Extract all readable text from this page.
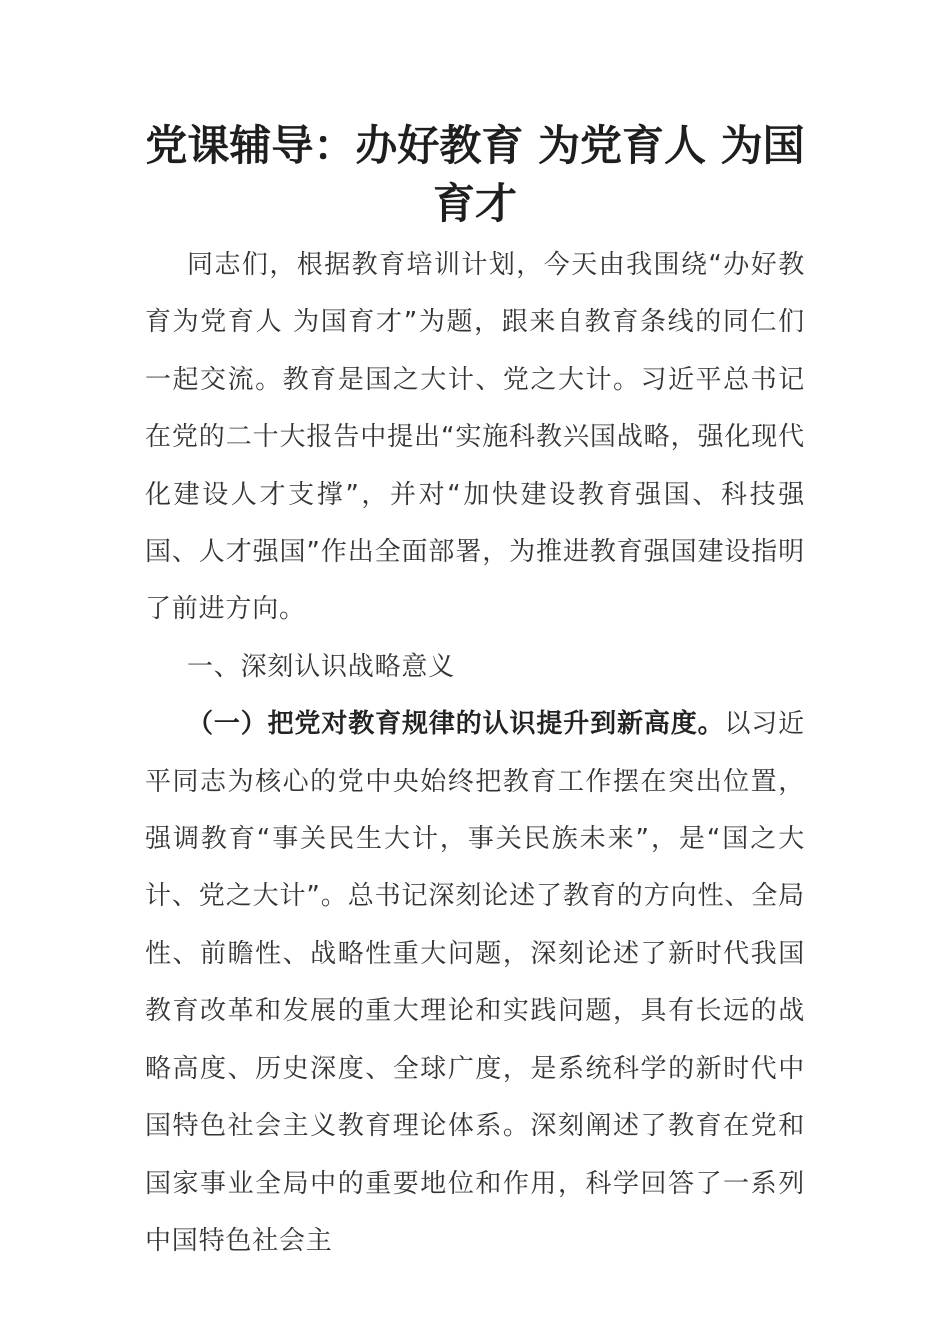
党课辅导：办好教育 为党育人 为国育才

同志们，根据教育培训计划，今天由我围绕“办好教育为党育人 为国育才”为题，跟来自教育条线的同仁们一起交流。教育是国之大计、党之大计。习近平总书记在党的二十大报告中提出“实施科教兴国战略，强化现代化建设人才支撑”，并对“加快建设教育强国、科技强国、人才强国”作出全面部署，为推进教育强国建设指明了前进方向。

一、深刻认识战略意义

（一）把党对教育规律的认识提升到新高度。以习近平同志为核心的党中央始终把教育工作摆在突出位置，强调教育“事关民生大计，事关民族未来”，是“国之大计、党之大计”。总书记深刻论述了教育的方向性、全局性、前瞻性、战略性重大问题，深刻论述了新时代我国教育改革和发展的重大理论和实践问题，具有长远的战略高度、历史深度、全球广度，是系统科学的新时代中国特色社会主义教育理论体系。深刻阐述了教育在党和国家事业全局中的重要地位和作用，科学回答了一系列中国特色社会主
